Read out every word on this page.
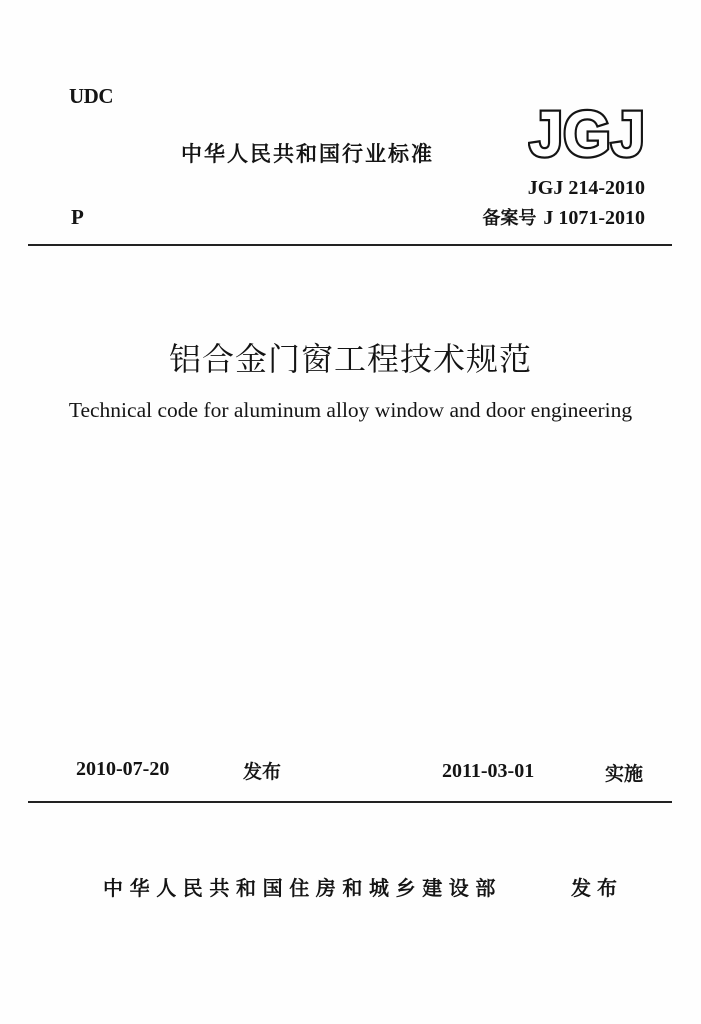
UDC
P
中华人民共和国行业标准 JGJ
JGJ 214-2010
备案号 J 1071-2010
铝合金门窗工程技术规范
Technical code for aluminum alloy window and door engineering
2010-07-20	发布	2011-03-01	实施
中华人民共和国住房和城乡建设部	发布
